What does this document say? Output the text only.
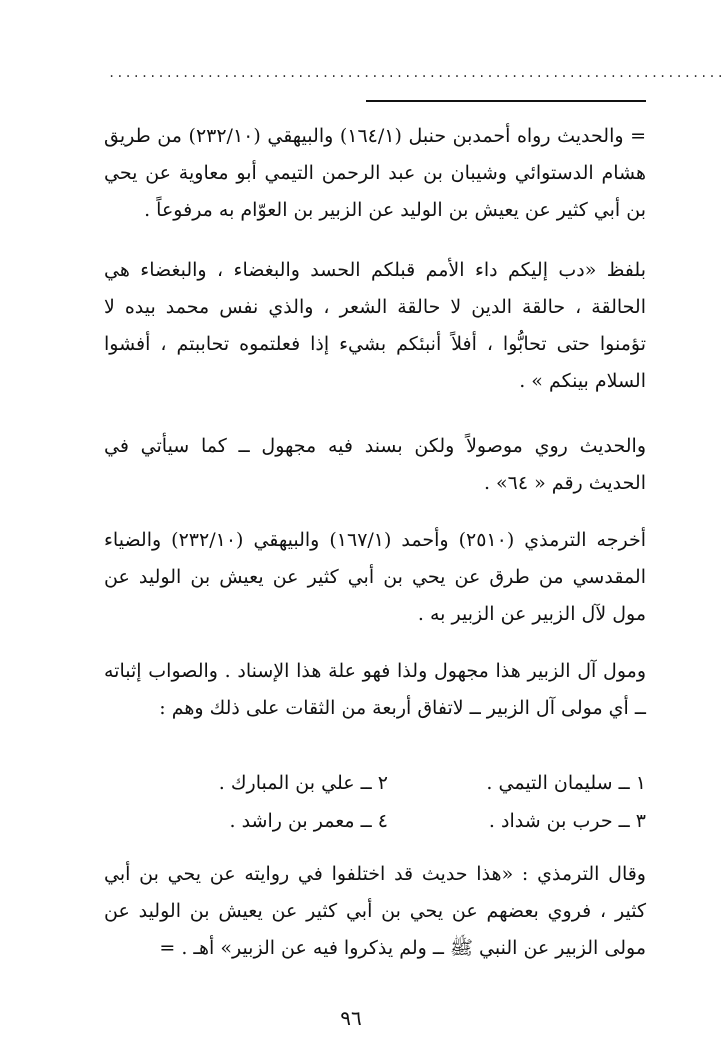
...........................................................................

= والحديث رواه أحمدبن حنبل (١٦٤/١) والبيهقي (٢٣٢/١٠) من طريق هشام الدستوائي وشيبان بن عبد الرحمن التيمي أبو معاوية عن يحي بن أبي كثير عن يعيش بن الوليد عن الزبير بن العوّام به مرفوعاً .

بلفظ «دب إليكم داء الأمم قبلكم الحسد والبغضاء ، والبغضاء هي الحالقة ، حالقة الدين لا حالقة الشعر ، والذي نفس محمد بيده لا تؤمنوا حتى تحابُّوا ، أفلاً أنبئكم بشيء إذا فعلتموه تحاببتم ، أفشوا السلام بينكم » .

والحديث روي موصولاً ولكن بسند فيه مجهول ــ كما سيأتي في الحديث رقم « ٦٤» .

أخرجه الترمذي (٢٥١٠) وأحمد (١٦٧/١) والبيهقي (٢٣٢/١٠) والضياء المقدسي من طرق عن يحي بن أبي كثير عن يعيش بن الوليد عن مول لآل الزبير عن الزبير به .

ومول آل الزبير هذا مجهول ولذا فهو علة هذا الإسناد . والصواب إثباته ــ أي مولى آل الزبير ــ لاتفاق أربعة من الثقات على ذلك وهم :

١ ــ سليمان التيمي .
٢ ــ علي بن المبارك .
٣ ــ حرب بن شداد .
٤ ــ معمر بن راشد .

وقال الترمذي : «هذا حديث قد اختلفوا في روايته عن يحي بن أبي كثير ، فروي بعضهم عن يحي بن أبي كثير عن يعيش بن الوليد عن مولى الزبير عن النبي ﷺ ــ ولم يذكروا فيه عن الزبير» أهـ . =

٩٦
